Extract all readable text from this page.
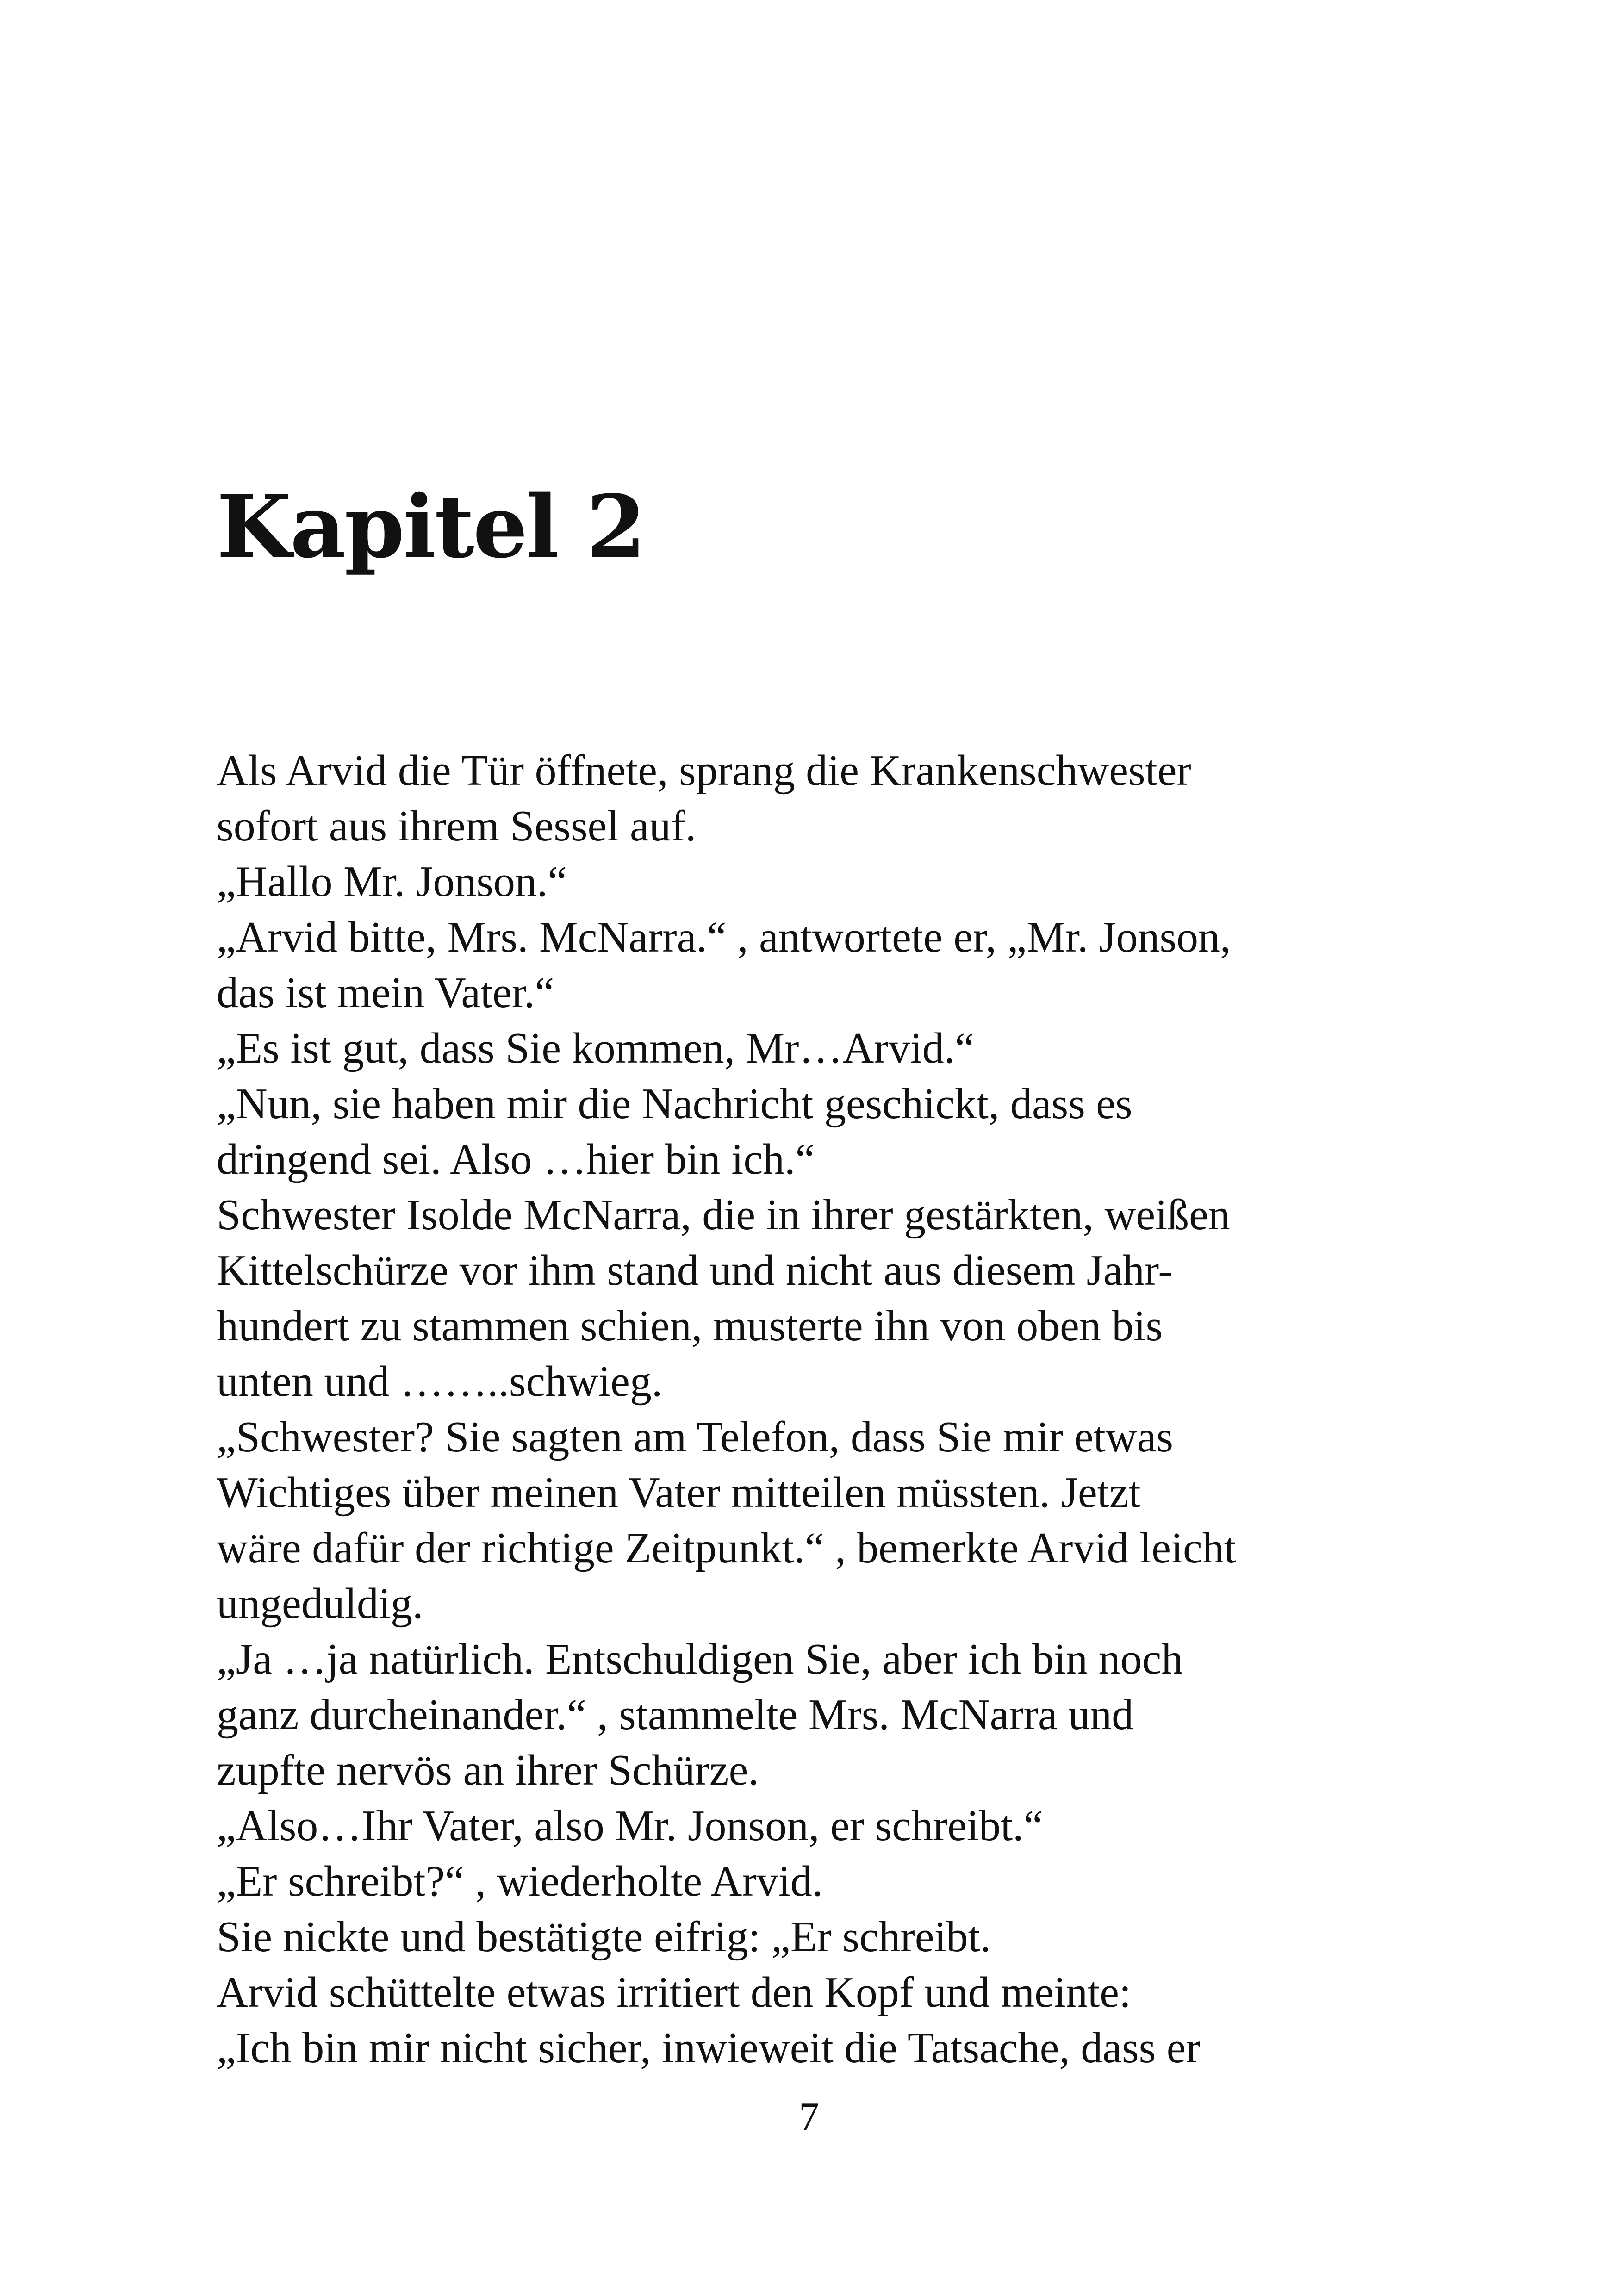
Kapitel 2
Als Arvid die Tür öffnete, sprang die Krankenschwester
sofort aus ihrem Sessel auf.
„Hallo Mr. Jonson.“
„Arvid bitte, Mrs. McNarra.“ , antwortete er, „Mr. Jonson,
das ist mein Vater.“
„Es ist gut, dass Sie kommen, Mr…Arvid.“
„Nun, sie haben mir die Nachricht geschickt, dass es
dringend sei. Also …hier bin ich.“
Schwester Isolde McNarra, die in ihrer gestärkten, weißen
Kittelschürze vor ihm stand und nicht aus diesem Jahr-
hundert zu stammen schien, musterte ihn von oben bis
unten und ……..schwieg.
„Schwester? Sie sagten am Telefon, dass Sie mir etwas
Wichtiges über meinen Vater mitteilen müssten. Jetzt
wäre dafür der richtige Zeitpunkt.“ , bemerkte Arvid leicht
ungeduldig.
„Ja …ja natürlich. Entschuldigen Sie, aber ich bin noch
ganz durcheinander.“ , stammelte Mrs. McNarra und
zupfte nervös an ihrer Schürze.
„Also…Ihr Vater, also Mr. Jonson, er schreibt.“
„Er schreibt?“ , wiederholte Arvid.
Sie nickte und bestätigte eifrig: „Er schreibt.
Arvid schüttelte etwas irritiert den Kopf und meinte:
„Ich bin mir nicht sicher, inwieweit die Tatsache, dass er
7
